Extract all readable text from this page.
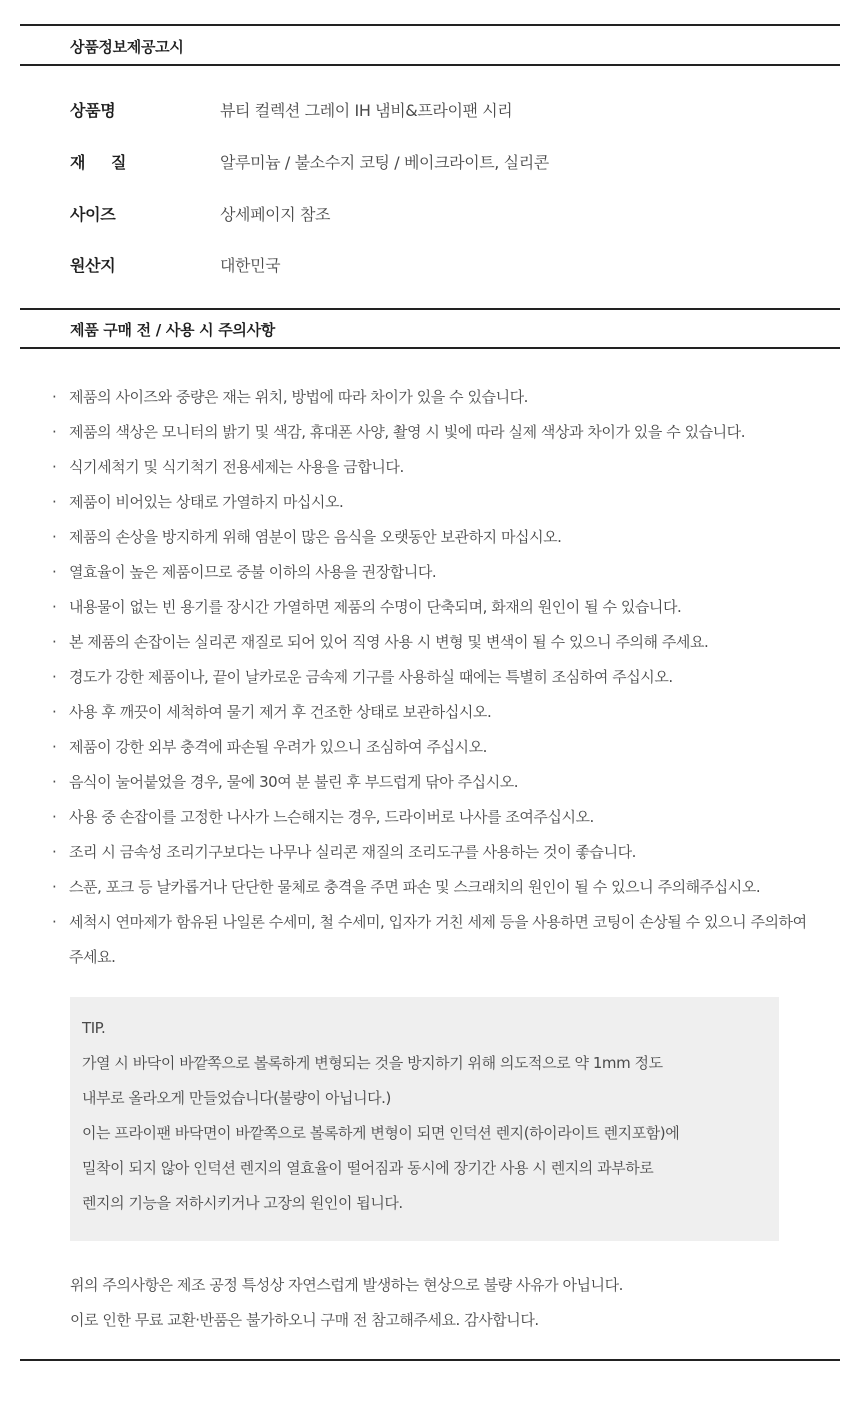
상품정보제공고시
상품명	뷰티 컬렉션 그레이 IH 냄비&프라이팬 시리
재 질	알루미늄 / 불소수지 코팅 / 베이크라이트, 실리콘
사이즈	상세페이지 참조
원산지	대한민국
제품 구매 전 / 사용 시 주의사항
· 제품의 사이즈와 중량은 재는 위치, 방법에 따라 차이가 있을 수 있습니다.
· 제품의 색상은 모니터의 밝기 및 색감, 휴대폰 사양, 촬영 시 빛에 따라 실제 색상과 차이가 있을 수 있습니다.
· 식기세척기 및 식기척기 전용세제는 사용을 금합니다.
· 제품이 비어있는 상태로 가열하지 마십시오.
· 제품의 손상을 방지하게 위해 염분이 많은 음식을 오랫동안 보관하지 마십시오.
· 열효율이 높은 제품이므로 중불 이하의 사용을 권장합니다.
· 내용물이 없는 빈 용기를 장시간 가열하면 제품의 수명이 단축되며, 화재의 원인이 될 수 있습니다.
· 본 제품의 손잡이는 실리콘 재질로 되어 있어 직영 사용 시 변형 및 변색이 될 수 있으니 주의해 주세요.
· 경도가 강한 제품이나, 끝이 날카로운 금속제 기구를 사용하실 때에는 특별히 조심하여 주십시오.
· 사용 후 깨끗이 세척하여 물기 제거 후 건조한 상태로 보관하십시오.
· 제품이 강한 외부 충격에 파손될 우려가 있으니 조심하여 주십시오.
· 음식이 눌어붙었을 경우, 물에 30여 분 불린 후 부드럽게 닦아 주십시오.
· 사용 중 손잡이를 고정한 나사가 느슨해지는 경우, 드라이버로 나사를 조여주십시오.
· 조리 시 금속성 조리기구보다는 나무나 실리콘 재질의 조리도구를 사용하는 것이 좋습니다.
· 스푼, 포크 등 날카롭거나 단단한 물체로 충격을 주면 파손 및 스크래치의 원인이 될 수 있으니 주의해주십시오.
· 세척시 연마제가 함유된 나일론 수세미, 철 수세미, 입자가 거친 세제 등을 사용하면 코팅이 손상될 수 있으니 주의하여 주세요.
TIP.
가열 시 바닥이 바깥쪽으로 볼록하게 변형되는 것을 방지하기 위해 의도적으로 약 1mm 정도
내부로 올라오게 만들었습니다(불량이 아닙니다.)
이는 프라이팬 바닥면이 바깥쪽으로 볼록하게 변형이 되면 인덕션 렌지(하이라이트 렌지포함)에
밀착이 되지 않아 인덕션 렌지의 열효율이 떨어짐과 동시에 장기간 사용 시 렌지의 과부하로
렌지의 기능을 저하시키거나 고장의 원인이 됩니다.
위의 주의사항은 제조 공정 특성상 자연스럽게 발생하는 현상으로 불량 사유가 아닙니다.
이로 인한 무료 교환·반품은 불가하오니 구매 전 참고해주세요. 감사합니다.
